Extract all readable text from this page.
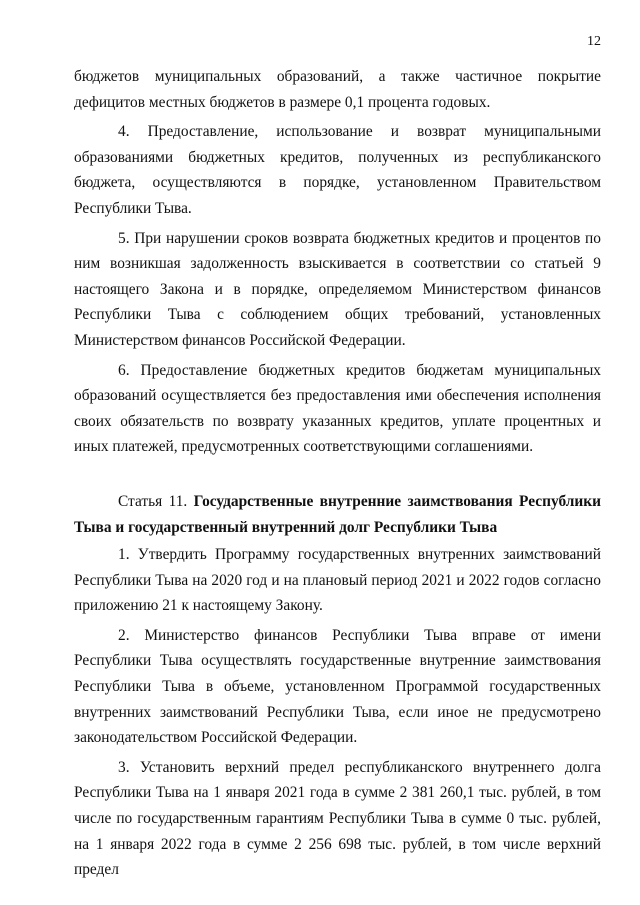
12

бюджетов муниципальных образований, а также частичное покрытие дефицитов местных бюджетов в размере 0,1 процента годовых.

4. Предоставление, использование и возврат муниципальными образованиями бюджетных кредитов, полученных из республиканского бюджета, осуществляются в порядке, установленном Правительством Республики Тыва.

5. При нарушении сроков возврата бюджетных кредитов и процентов по ним возникшая задолженность взыскивается в соответствии со статьей 9 настоящего Закона и в порядке, определяемом Министерством финансов Республики Тыва с соблюдением общих требований, установленных Министерством финансов Российской Федерации.

6. Предоставление бюджетных кредитов бюджетам муниципальных образований осуществляется без предоставления ими обеспечения исполнения своих обязательств по возврату указанных кредитов, уплате процентных и иных платежей, предусмотренных соответствующими соглашениями.

Статья 11. Государственные внутренние заимствования Республики Тыва и государственный внутренний долг Республики Тыва

1. Утвердить Программу государственных внутренних заимствований Республики Тыва на 2020 год и на плановый период 2021 и 2022 годов согласно приложению 21 к настоящему Закону.

2. Министерство финансов Республики Тыва вправе от имени Республики Тыва осуществлять государственные внутренние заимствования Республики Тыва в объеме, установленном Программой государственных внутренних заимствований Республики Тыва, если иное не предусмотрено законодательством Российской Федерации.

3. Установить верхний предел республиканского внутреннего долга Республики Тыва на 1 января 2021 года в сумме 2 381 260,1 тыс. рублей, в том числе по государственным гарантиям Республики Тыва в сумме 0 тыс. рублей, на 1 января 2022 года в сумме 2 256 698 тыс. рублей, в том числе верхний предел
